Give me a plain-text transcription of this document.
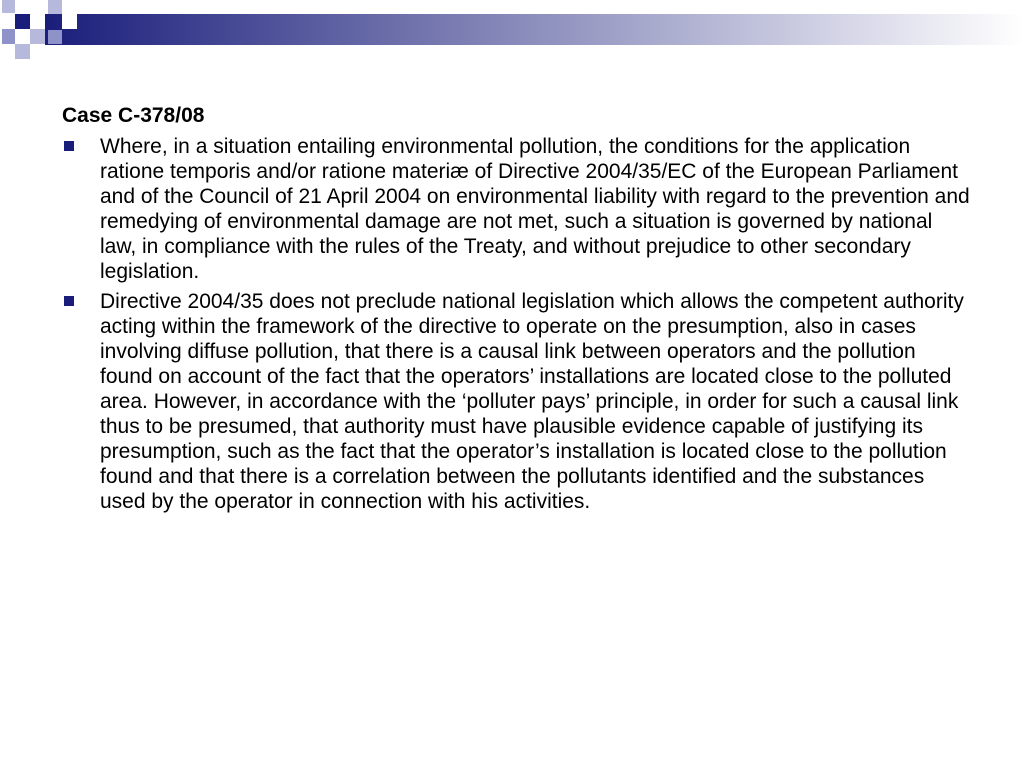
Case C-378/08
Where, in a situation entailing environmental pollution, the conditions for the application ratione temporis and/or ratione materiæ of Directive 2004/35/EC of the European Parliament and of the Council of 21 April 2004 on environmental liability with regard to the prevention and remedying of environmental damage are not met, such a situation is governed by national law, in compliance with the rules of the Treaty, and without prejudice to other secondary legislation.
Directive 2004/35 does not preclude national legislation which allows the competent authority acting within the framework of the directive to operate on the presumption, also in cases involving diffuse pollution, that there is a causal link between operators and the pollution found on account of the fact that the operators’ installations are located close to the polluted area. However, in accordance with the ‘polluter pays’ principle, in order for such a causal link thus to be presumed, that authority must have plausible evidence capable of justifying its presumption, such as the fact that the operator’s installation is located close to the pollution found and that there is a correlation between the pollutants identified and the substances used by the operator in connection with his activities.
